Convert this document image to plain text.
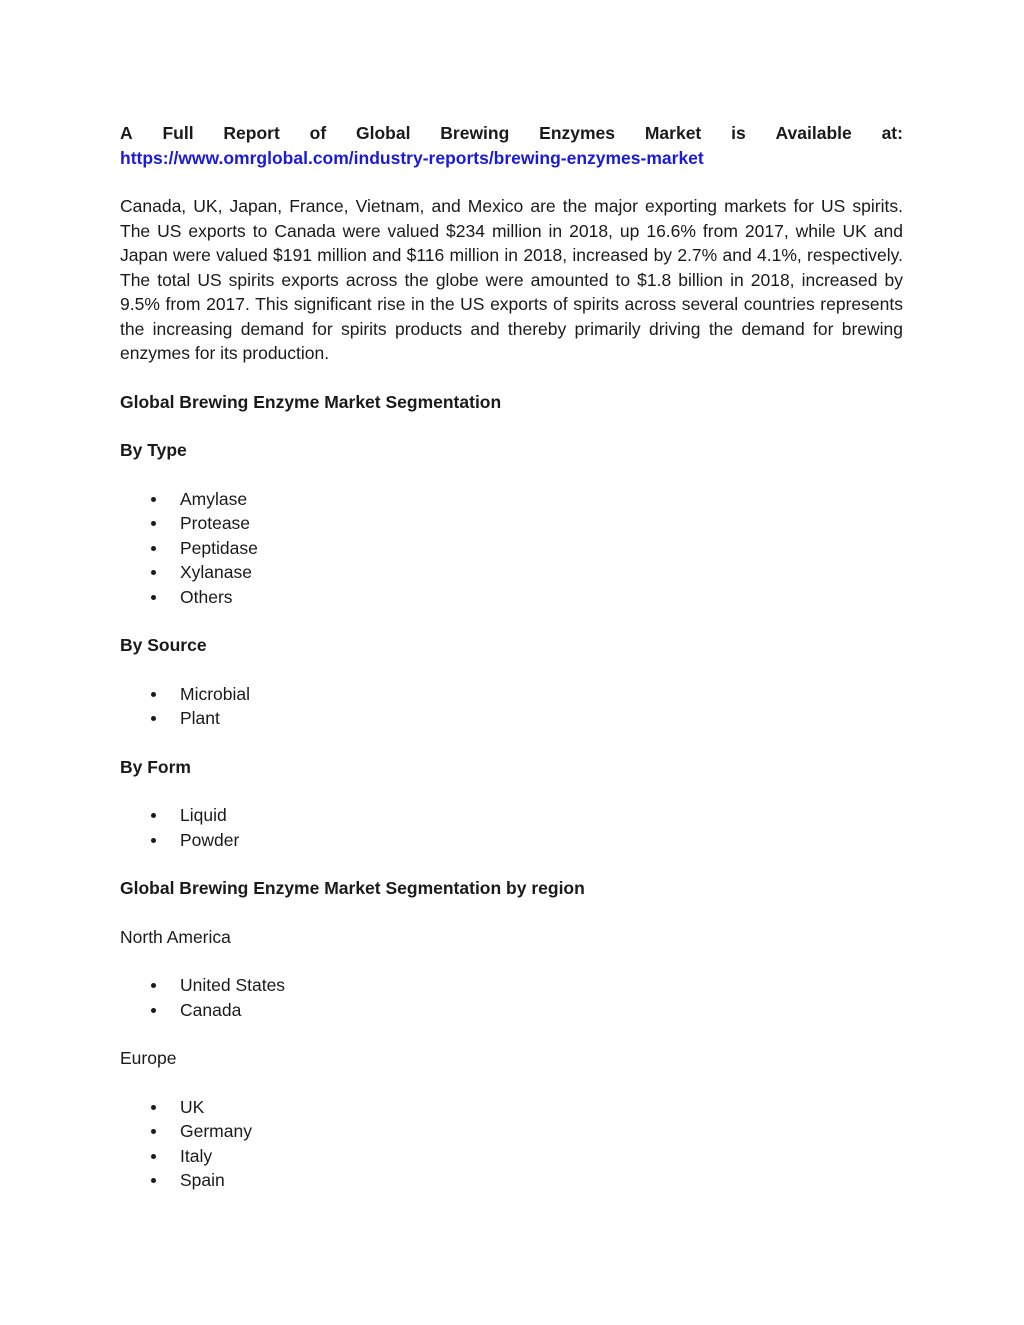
A Full Report of Global Brewing Enzymes Market is Available at:
https://www.omrglobal.com/industry-reports/brewing-enzymes-market

Canada, UK, Japan, France, Vietnam, and Mexico are the major exporting markets for US spirits. The US exports to Canada were valued $234 million in 2018, up 16.6% from 2017, while UK and Japan were valued $191 million and $116 million in 2018, increased by 2.7% and 4.1%, respectively. The total US spirits exports across the globe were amounted to $1.8 billion in 2018, increased by 9.5% from 2017. This significant rise in the US exports of spirits across several countries represents the increasing demand for spirits products and thereby primarily driving the demand for brewing enzymes for its production.

Global Brewing Enzyme Market Segmentation

By Type

Amylase
Protease
Peptidase
Xylanase
Others

By Source

Microbial
Plant

By Form

Liquid
Powder

Global Brewing Enzyme Market Segmentation by region

North America

United States
Canada

Europe

UK
Germany
Italy
Spain
